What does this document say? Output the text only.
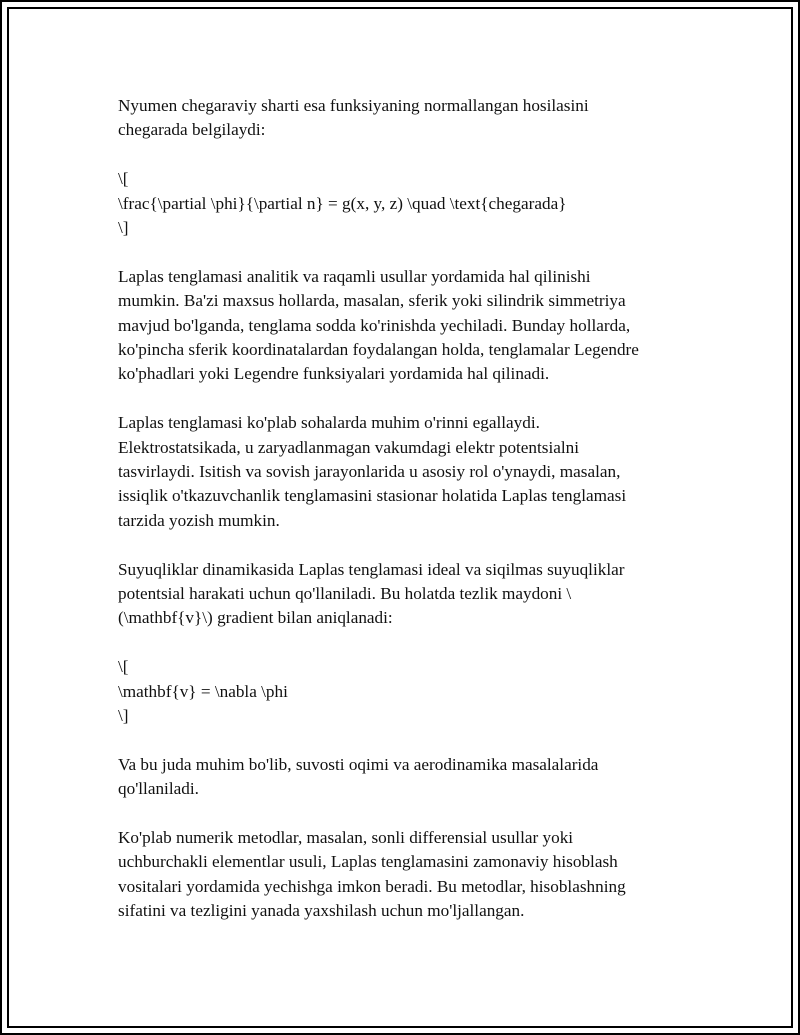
Nyumen chegaraviy sharti esa funksiyaning normallangan hosilasini
chegarada belgilaydi:

\[
\frac{\partial \phi}{\partial n} = g(x, y, z) \quad \text{chegarada}
\]

Laplas tenglamasi analitik va raqamli usullar yordamida hal qilinishi
mumkin. Ba'zi maxsus hollarda, masalan, sferik yoki silindrik simmetriya
mavjud bo'lganda, tenglama sodda ko'rinishda yechiladi. Bunday hollarda,
ko'pincha sferik koordinatalardan foydalangan holda, tenglamalar Legendre
ko'phadlari yoki Legendre funksiyalari yordamida hal qilinadi.

Laplas tenglamasi ko'plab sohalarda muhim o'rinni egallaydi.
Elektrostatsikada, u zaryadlanmagan vakumdagi elektr potentsialni
tasvirlaydi. Isitish va sovish jarayonlarida u asosiy rol o'ynaydi, masalan,
issiqlik o'tkazuvchanlik tenglamasini stasionar holatida Laplas tenglamasi
tarzida yozish mumkin.

Suyuqliklar dinamikasida Laplas tenglamasi ideal va siqilmas suyuqliklar
potentsial harakati uchun qo'llaniladi. Bu holatda tezlik maydoni \
(\mathbf{v}\) gradient bilan aniqlanadi:

\[
\mathbf{v} = \nabla \phi
\]

Va bu juda muhim bo'lib, suvosti oqimi va aerodinamika masalalarida
qo'llaniladi.

Ko'plab numerik metodlar, masalan, sonli differensial usullar yoki
uchburchakli elementlar usuli, Laplas tenglamasini zamonaviy hisoblash
vositalari yordamida yechishga imkon beradi. Bu metodlar, hisoblashning
sifatini va tezligini yanada yaxshilash uchun mo'ljallangan.
